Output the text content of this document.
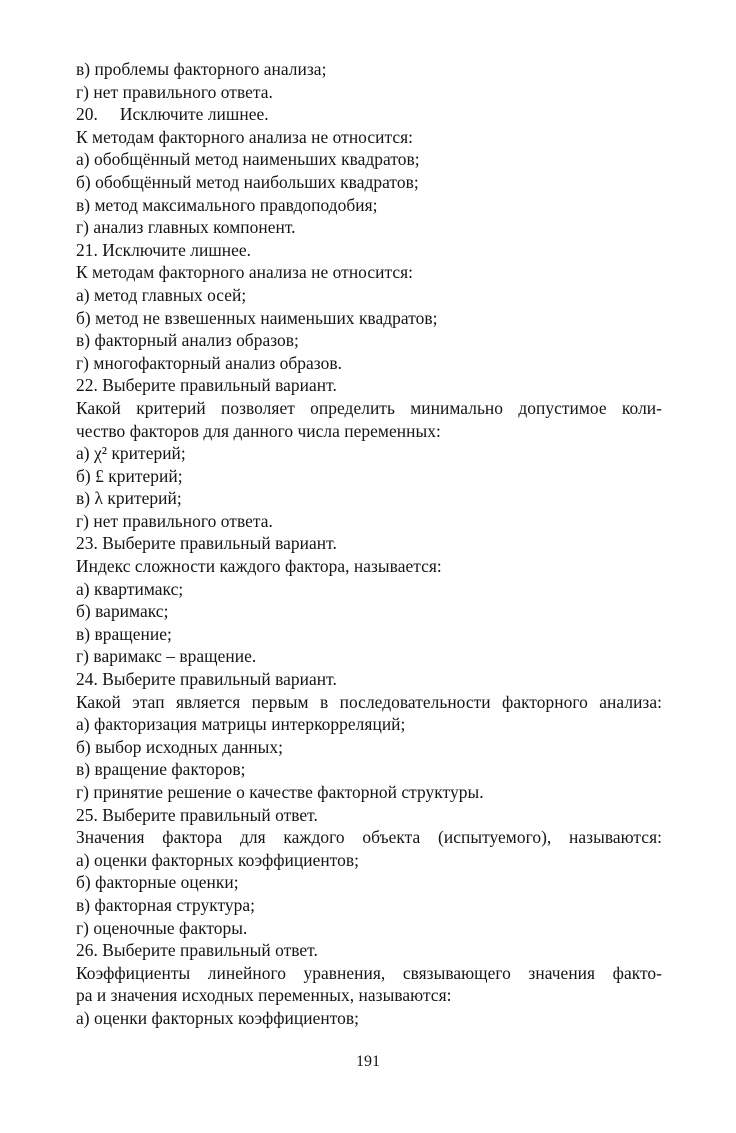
в) проблемы факторного анализа;
г) нет правильного ответа.
20.     Исключите лишнее.
К методам факторного анализа не относится:
а) обобщённый метод наименьших квадратов;
б) обобщённый метод наибольших квадратов;
в) метод максимального правдоподобия;
г) анализ главных компонент.
21. Исключите лишнее.
К методам факторного анализа не относится:
а) метод главных осей;
б) метод не взвешенных наименьших квадратов;
в) факторный анализ образов;
г) многофакторный анализ образов.
22. Выберите правильный вариант.
Какой критерий позволяет определить минимально допустимое коли-
чество факторов для данного числа переменных:
а) χ² критерий;
б) £ критерий;
в) λ критерий;
г) нет правильного ответа.
23. Выберите правильный вариант.
Индекс сложности каждого фактора, называется:
а) квартимакс;
б) варимакс;
в) вращение;
г) варимакс – вращение.
24. Выберите правильный вариант.
Какой этап является первым в последовательности факторного анализа:
а) факторизация матрицы интеркорреляций;
б) выбор исходных данных;
в) вращение факторов;
г) принятие решение о качестве факторной структуры.
25. Выберите правильный ответ.
Значения фактора для каждого объекта (испытуемого), называются:
а) оценки факторных коэффициентов;
б) факторные оценки;
в) факторная структура;
г) оценочные факторы.
26. Выберите правильный ответ.
Коэффициенты линейного уравнения, связывающего значения факто-
ра и значения исходных переменных, называются:
а) оценки факторных коэффициентов;
191
